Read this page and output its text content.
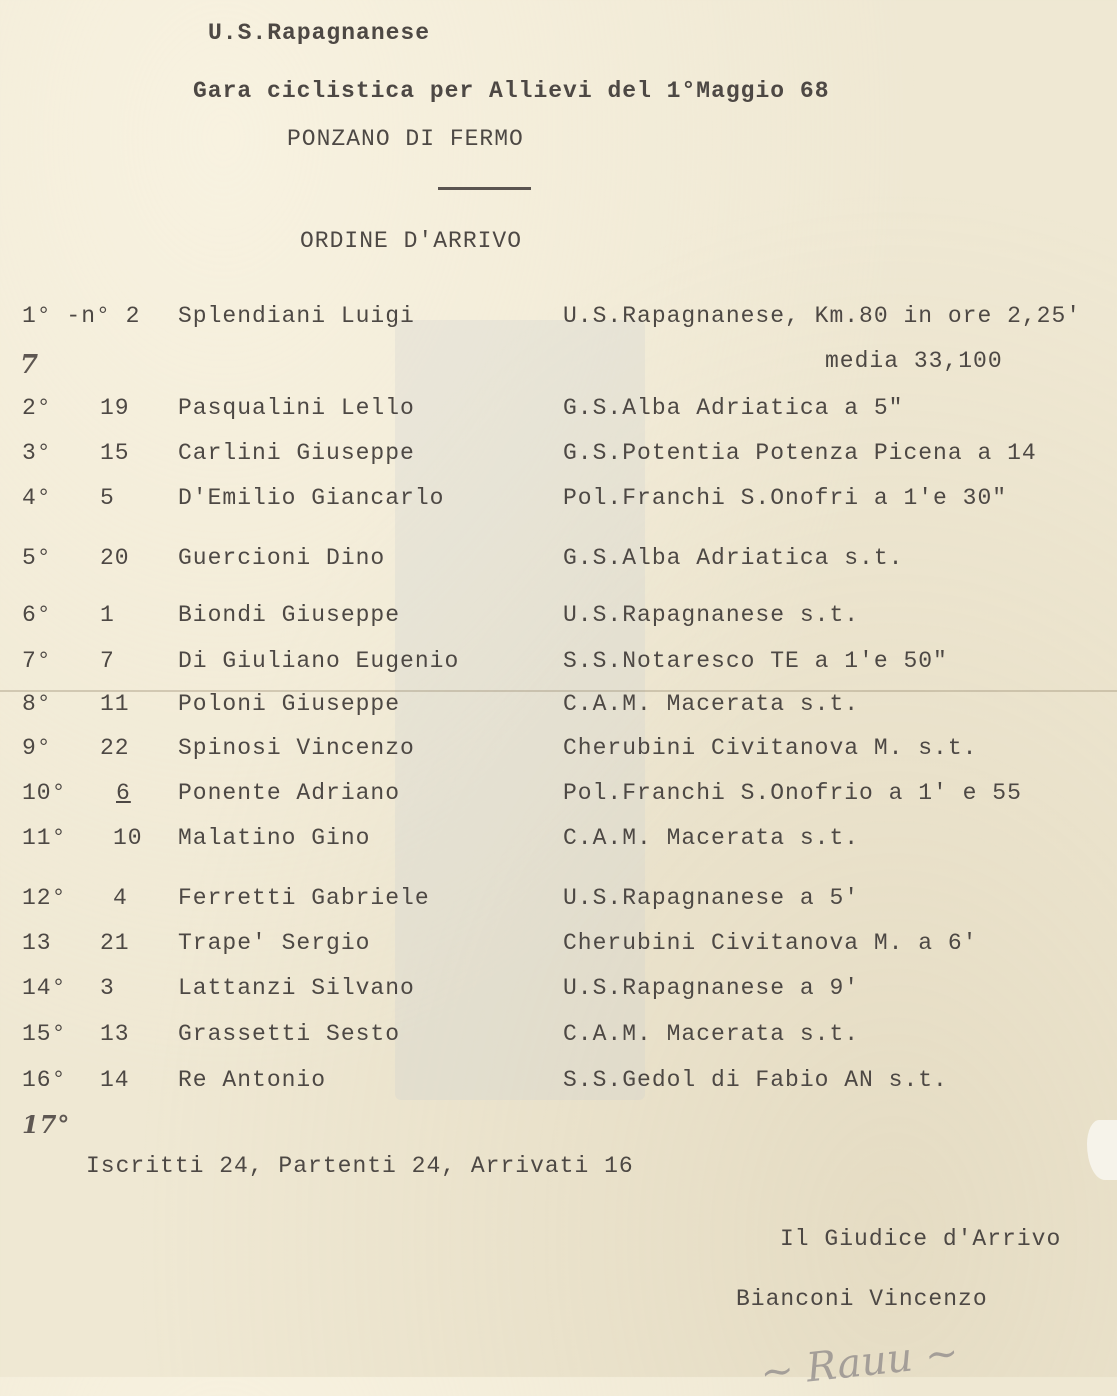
U.S.Rapagnanese
Gara ciclistica per Allievi del 1°Maggio 68
PONZANO DI FERMO
ORDINE D'ARRIVO
1° -n° 2 Splendiani Luigi	U.S.Rapagnanese, Km.80 in ore 2,25'
media 33,100
7
2° 19 Pasqualini Lello	G.S.Alba Adriatica a 5"
3° 15 Carlini Giuseppe	G.S.Potentia Potenza Picena a 14
4° 5	D'Emilio Giancarlo	Pol.Franchi S.Onofri a 1'e 30"
5° 20 Guercioni Dino	G.S.Alba Adriatica s.t.
6° 1	Biondi Giuseppe	U.S.Rapagnanese s.t.
7° 7	Di Giuliano Eugenio	S.S.Notaresco TE a 1'e 50"
8° 11 Poloni Giuseppe	C.A.M. Macerata s.t.
9° 22 Spinosi Vincenzo	Cherubini Civitanova M. s.t.
10° 6 Ponente Adriano	Pol.Franchi S.Onofrio a 1' e 55
11° 10 Malatino Gino	C.A.M. Macerata s.t.
12° 4 Ferretti Gabriele	U.S.Rapagnanese a 5'
13 21 Trape' Sergio	Cherubini Civitanova M. a 6'
14° 3	Lattanzi Silvano	U.S.Rapagnanese a 9'
15° 13 Grassetti Sesto	C.A.M. Macerata s.t.
16° 14 Re Antonio	S.S.Gedol di Fabio AN s.t.
17°
Iscritti 24, Partenti 24, Arrivati 16
Il Giudice d'Arrivo
Bianconi Vincenzo
~ Rauu ~
